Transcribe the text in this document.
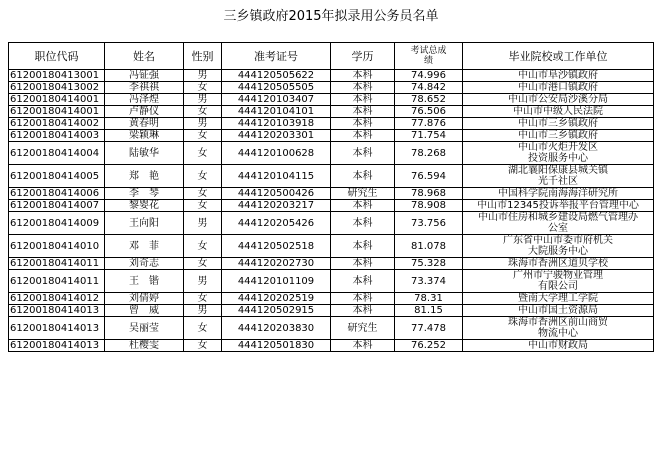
三乡镇政府2015年拟录用公务员名单
职位代码	姓名	性别	准考证号	学历	考试总成绩	毕业院校或工作单位
61200180413001	冯钲强	男	444120505622	本科	74.996	中山市阜沙镇政府

61200180413002	李祺祺	女	444120505505	本科	74.842	中山市港口镇政府

61200180414001	冯泽煌	男	444120103407	本科	78.652	中山市公安局沙溪分局

61200180414001	卢静仪	女	444120104101	本科	76.506	中山市中级人民法院

61200180414002	黄春明	男	444120103918	本科	77.876	中山市三乡镇政府

61200180414003	梁颖琳	女	444120203301	本科	71.754	中山市三乡镇政府

61200180414004	陆敏华	女	444120100628	本科	78.268	中山市火炬开发区
投资服务中心

61200180414005	郑　艳	女	444120104115	本科	76.594	湖北襄阳保康县城关镇
光千社区

61200180414006	李　琴	女	444120500426	研究生	78.968	中国科学院南海海洋研究所

61200180414007	黎婴花	女	444120203217	本科	78.908	中山市12345投诉举报平台管理中心

61200180414009	王向阳	男	444120205426	本科	73.756	中山市住房和城乡建设局燃气管理办
公室

61200180414010	邓　菲	女	444120502518	本科	81.078	广东省中山市委市府机关
大院服务中心

61200180414011	刘奇志	女	444120202730	本科	75.328	珠海市香洲区道贝学校

61200180414011	王　锴	男	444120101109	本科	73.374	广州市宁骏物业管理
有限公司

61200180414012	刘倩婷	女	444120202519	本科	78.31	暨南大学理工学院

61200180414013	曾　威	男	444120502915	本科	81.15	中山市国土资源局

61200180414013	吴丽莹	女	444120203830	研究生	77.478	珠海市香洲区前山商贸
物流中心

61200180414013	杜樱雯	女	444120501830	本科	76.252	中山市财政局
